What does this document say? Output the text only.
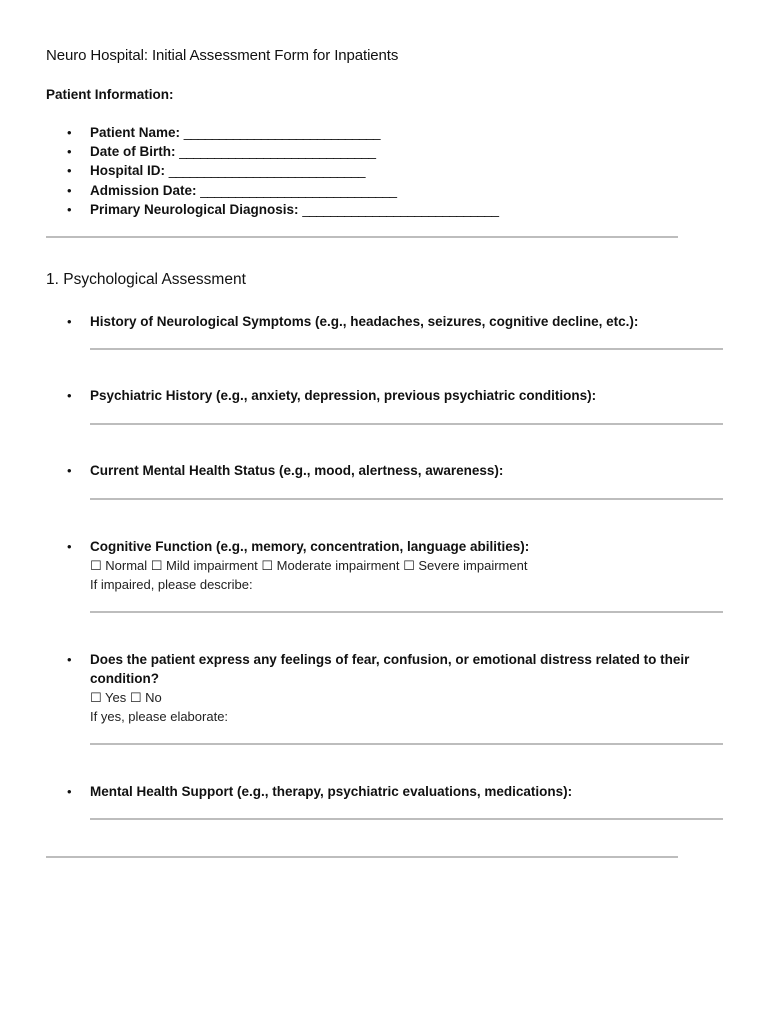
Neuro Hospital: Initial Assessment Form for Inpatients
Patient Information:
• Patient Name: ____________________________
• Date of Birth: ____________________________
• Hospital ID: ____________________________
• Admission Date: ____________________________
• Primary Neurological Diagnosis: ____________________________
1. Psychological Assessment
• History of Neurological Symptoms (e.g., headaches, seizures, cognitive decline, etc.):
• Psychiatric History (e.g., anxiety, depression, previous psychiatric conditions):
• Current Mental Health Status (e.g., mood, alertness, awareness):
• Cognitive Function (e.g., memory, concentration, language abilities):
☐ Normal ☐ Mild impairment ☐ Moderate impairment ☐ Severe impairment
If impaired, please describe:
• Does the patient express any feelings of fear, confusion, or emotional distress related to their condition?
☐ Yes ☐ No
If yes, please elaborate:
• Mental Health Support (e.g., therapy, psychiatric evaluations, medications):
